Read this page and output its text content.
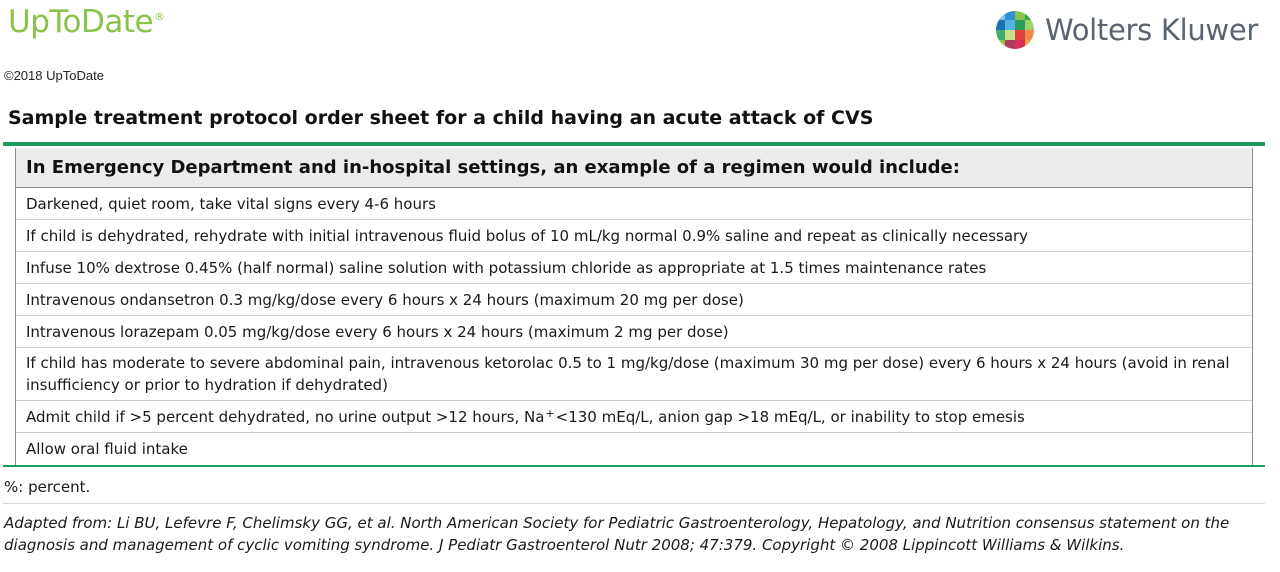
UpToDate®	Wolters Kluwer
©2018 UpToDate
Sample treatment protocol order sheet for a child having an acute attack of CVS
In Emergency Department and in-hospital settings, an example of a regimen would include:
Darkened, quiet room, take vital signs every 4-6 hours
If child is dehydrated, rehydrate with initial intravenous fluid bolus of 10 mL/kg normal 0.9% saline and repeat as clinically necessary
Infuse 10% dextrose 0.45% (half normal) saline solution with potassium chloride as appropriate at 1.5 times maintenance rates
Intravenous ondansetron 0.3 mg/kg/dose every 6 hours x 24 hours (maximum 20 mg per dose)
Intravenous lorazepam 0.05 mg/kg/dose every 6 hours x 24 hours (maximum 2 mg per dose)
If child has moderate to severe abdominal pain, intravenous ketorolac 0.5 to 1 mg/kg/dose (maximum 30 mg per dose) every 6 hours x 24 hours (avoid in renal insufficiency or prior to hydration if dehydrated)
Admit child if >5 percent dehydrated, no urine output >12 hours, Na+ <130 mEq/L, anion gap >18 mEq/L, or inability to stop emesis
Allow oral fluid intake
%: percent.
Adapted from: Li BU, Lefevre F, Chelimsky GG, et al. North American Society for Pediatric Gastroenterology, Hepatology, and Nutrition consensus statement on the diagnosis and management of cyclic vomiting syndrome. J Pediatr Gastroenterol Nutr 2008; 47:379. Copyright © 2008 Lippincott Williams & Wilkins.
